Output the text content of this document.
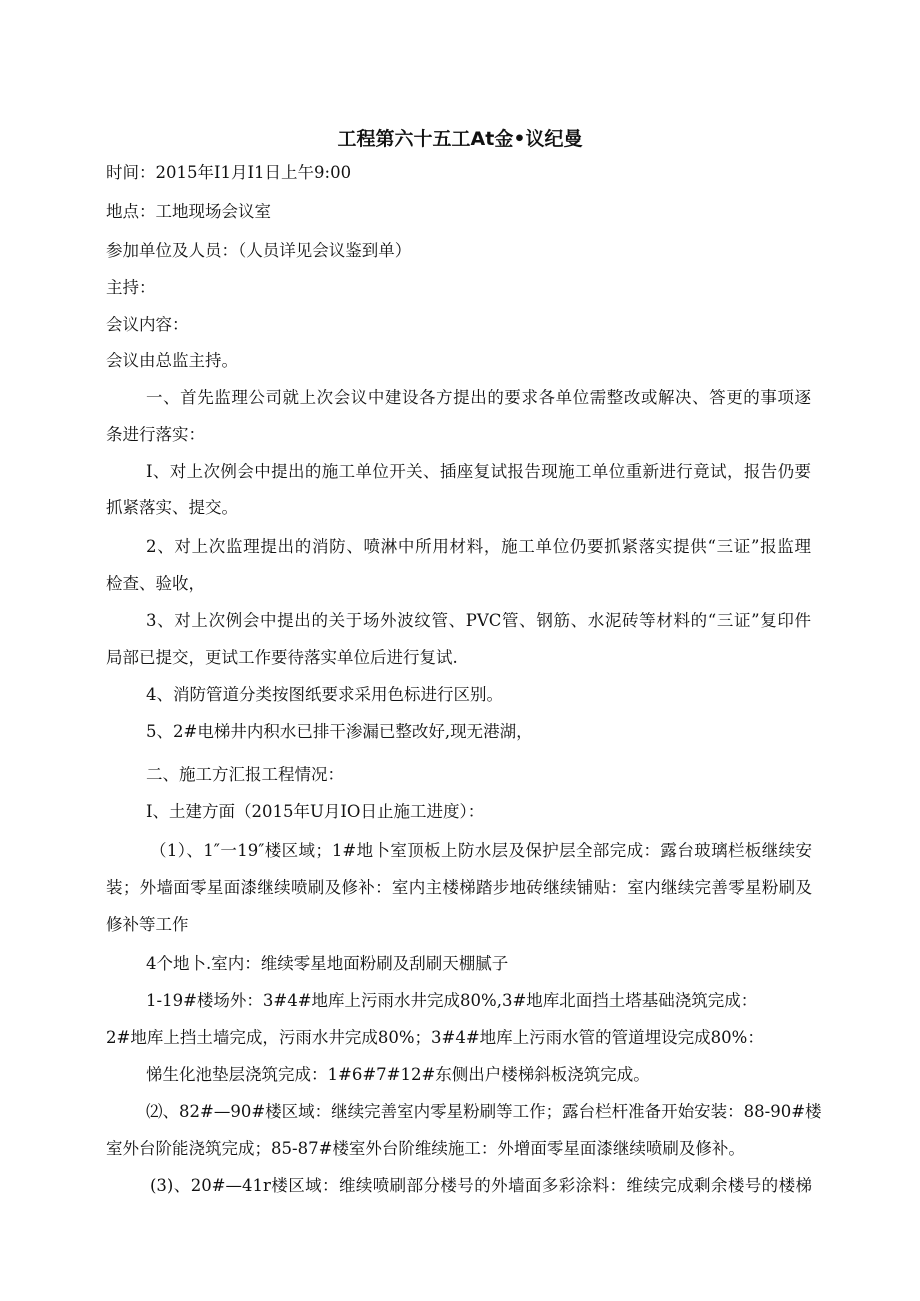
工程第六十五工At金•议纪曼
时间：2015年I1月I1日上午9:00
地点：工地现场会议室
参加单位及人员：（人员详见会议鉴到单）
主持：
会议内容：
会议由总监主持。
一、首先监理公司就上次会议中建设各方提出的要求各单位需整改或解决、答更的事项逐
条进行落实：
I、对上次例会中提出的施工单位开关、插座复试报告现施工单位重新进行竟试，报告仍要
抓紧落实、提交。
2、对上次监理提出的消防、喷淋中所用材料，施工单位仍要抓紧落实提供“三证”报监理
检查、验收，
3、对上次例会中提出的关于场外波纹管、PVC管、钢筋、水泥砖等材料的“三证”复印件
局部已提交，更试工作要待落实单位后进行复试.
4、消防管道分类按图纸要求采用色标进行区别。
5、2#电梯井内积水已排干渗漏已整改好,现无港湖，
二、施工方汇报工程情况：
I、土建方面（2015年U月IO日止施工进度）：
（1）、1″一19″楼区域；1#地卜室顶板上防水层及保护层全部完成：露台玻璃栏板继续安
装；外墙面零星面漆继续喷刷及修补：室内主楼梯踏步地砖继续铺贴：室内继续完善零星粉刷及
修补等工作
4个地卜.室内：维续零星地面粉刷及刮刷天棚腻子
1-19#楼场外：3#4#地库上污雨水井完成80%,3#地库北面挡土塔基础浇筑完成：
2#地库上挡土墙完成，污雨水井完成80%；3#4#地库上污雨水管的管道埋设完成80%：
悌生化池垫层浇筑完成：1#6#7#12#东侧出户楼梯斜板浇筑完成。
⑵、82#—90#楼区域：继续完善室内零星粉刷等工作；露台栏杆准备开始安装：88-90#楼
室外台阶能浇筑完成；85-87#楼室外台阶维续施工：外增面零星面漆继续喷刷及修补。
(3)、20#—41r楼区域：维续喷刷部分楼号的外墙面多彩涂料：维续完成剩余楼号的楼梯
